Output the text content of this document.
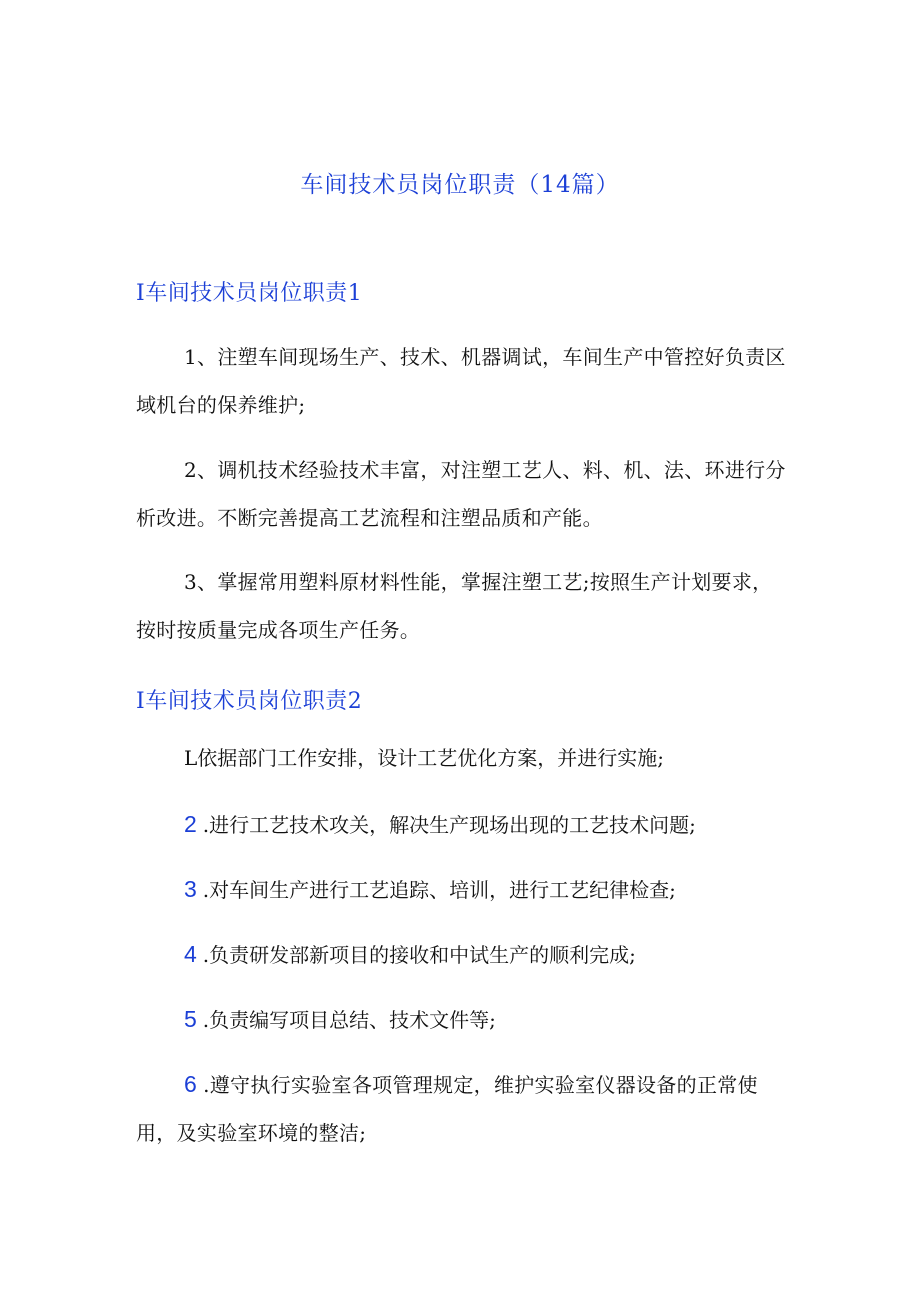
车间技术员岗位职责（14篇）
I车间技术员岗位职责1
1、注塑车间现场生产、技术、机器调试，车间生产中管控好负责区域机台的保养维护;
2、调机技术经验技术丰富，对注塑工艺人、料、机、法、环进行分析改进。不断完善提高工艺流程和注塑品质和产能。
3、掌握常用塑料原材料性能，掌握注塑工艺;按照生产计划要求，按时按质量完成各项生产任务。
I车间技术员岗位职责2
L依据部门工作安排，设计工艺优化方案，并进行实施;
2 .进行工艺技术攻关，解决生产现场出现的工艺技术问题;
3 .对车间生产进行工艺追踪、培训，进行工艺纪律检查;
4 .负责研发部新项目的接收和中试生产的顺利完成;
5 .负责编写项目总结、技术文件等;
6 .遵守执行实验室各项管理规定，维护实验室仪器设备的正常使用，及实验室环境的整洁;
